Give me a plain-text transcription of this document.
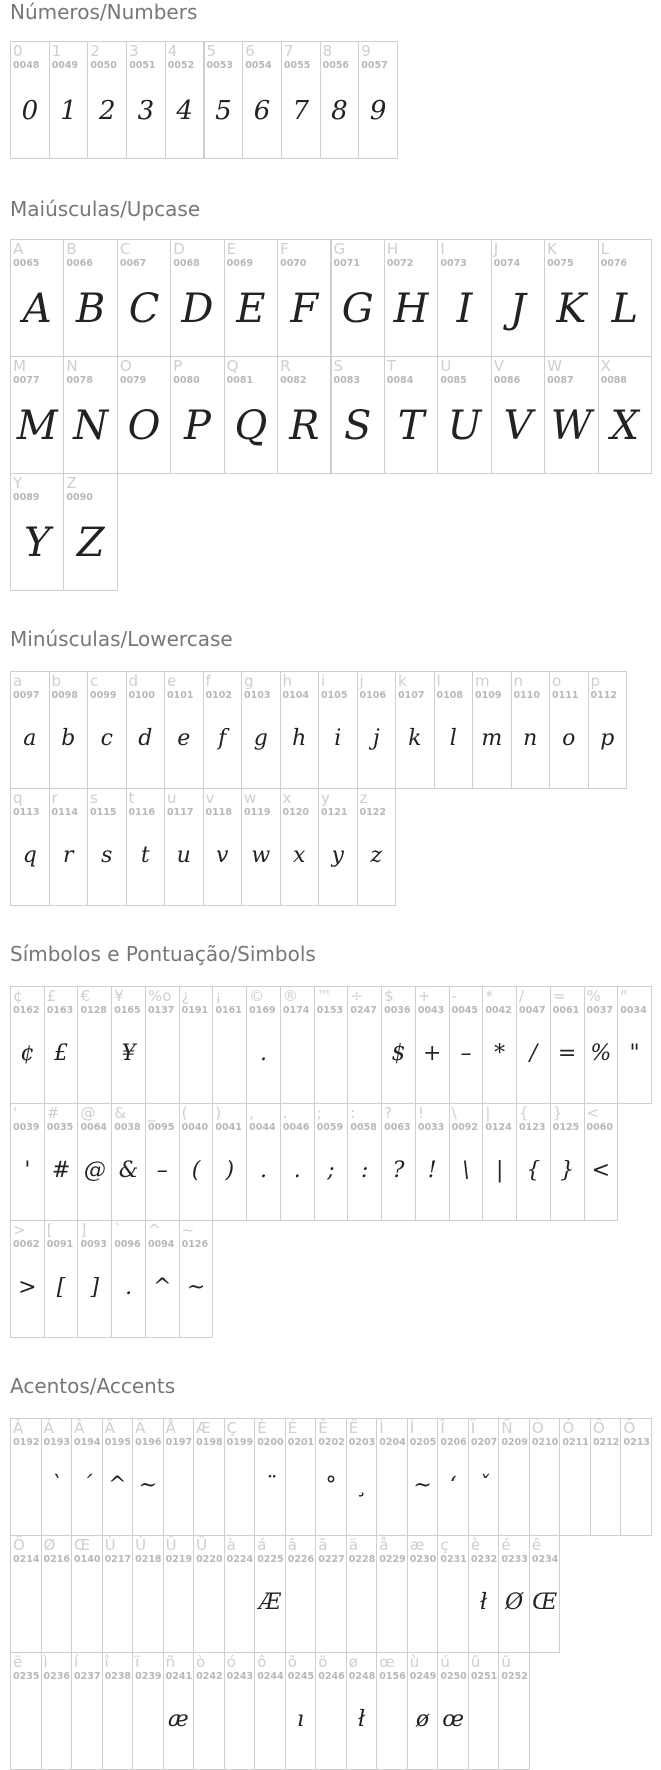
Números/Numbers
0
0048
0
1
0049
1
2
0050
2
3
0051
3
4
0052
4
5
0053
5
6
0054
6
7
0055
7
8
0056
8
9
0057
9
Maiúsculas/Upcase
A
0065
A
B
0066
B
C
0067
C
D
0068
D
E
0069
E
F
0070
F
G
0071
G
H
0072
H
I
0073
I
J
0074
J
K
0075
K
L
0076
L
M
0077
M
N
0078
N
O
0079
O
P
0080
P
Q
0081
Q
R
0082
R
S
0083
S
T
0084
T
U
0085
U
V
0086
V
W
0087
W
X
0088
X
Y
0089
Y
Z
0090
Z
Minúsculas/Lowercase
a
0097
a
b
0098
b
c
0099
c
d
0100
d
e
0101
e
f
0102
f
g
0103
g
h
0104
h
i
0105
i
j
0106
j
k
0107
k
l
0108
l
m
0109
m
n
0110
n
o
0111
o
p
0112
p
q
0113
q
r
0114
r
s
0115
s
t
0116
t
u
0117
u
v
0118
v
w
0119
w
x
0120
x
y
0121
y
z
0122
z
Símbolos e Pontuação/Simbols
¢
0162
¢
£
0163
£
€
0128
¥
0165
¥
%o
0137
¿
0191
¡
0161
©
0169
.
®
0174
™
0153
÷
0247
$
0036
$
+
0043
+
-
0045
–
*
0042
*
/
0047
/
=
0061
=
%
0037
%
"
0034
"
'
0039
'
#
0035
#
@
0064
@
&
0038
&
_
0095
–
(
0040
(
)
0041
)
,
0044
.
.
0046
.
;
0059
;
:
0058
:
?
0063
?
!
0033
!
\
0092
\
|
0124
|
{
0123
{
}
0125
}
<
0060
<
>
0062
>
[
0091
[
]
0093
]
`
0096
.
^
0094
^
~
0126
~
Acentos/Accents
À
0192
Á
0193
`
Â
0194
´
Ã
0195
^
Ä
0196
~
Å
0197
Æ
0198
Ç
0199
È
0200
¨
É
0201
Ê
0202
°
Ë
0203
¸
Ì
0204
Í
0205
~
Î
0206
‘
Ï
0207
ˇ
Ñ
0209
Ò
0210
Ó
0211
Ô
0212
Õ
0213
Ö
0214
Ø
0216
Œ
0140
Ù
0217
Ú
0218
Û
0219
Ü
0220
à
0224
á
0225
Æ
â
0226
ã
0227
ä
0228
å
0229
æ
0230
ç
0231
è
0232
ł
é
0233
Ø
ê
0234
Œ
ë
0235
ì
0236
í
0237
î
0238
ï
0239
ñ
0241
æ
ò
0242
ó
0243
ô
0244
õ
0245
ı
ö
0246
ø
0248
ł
œ
0156
ù
0249
ø
ú
0250
œ
û
0251
ü
0252
